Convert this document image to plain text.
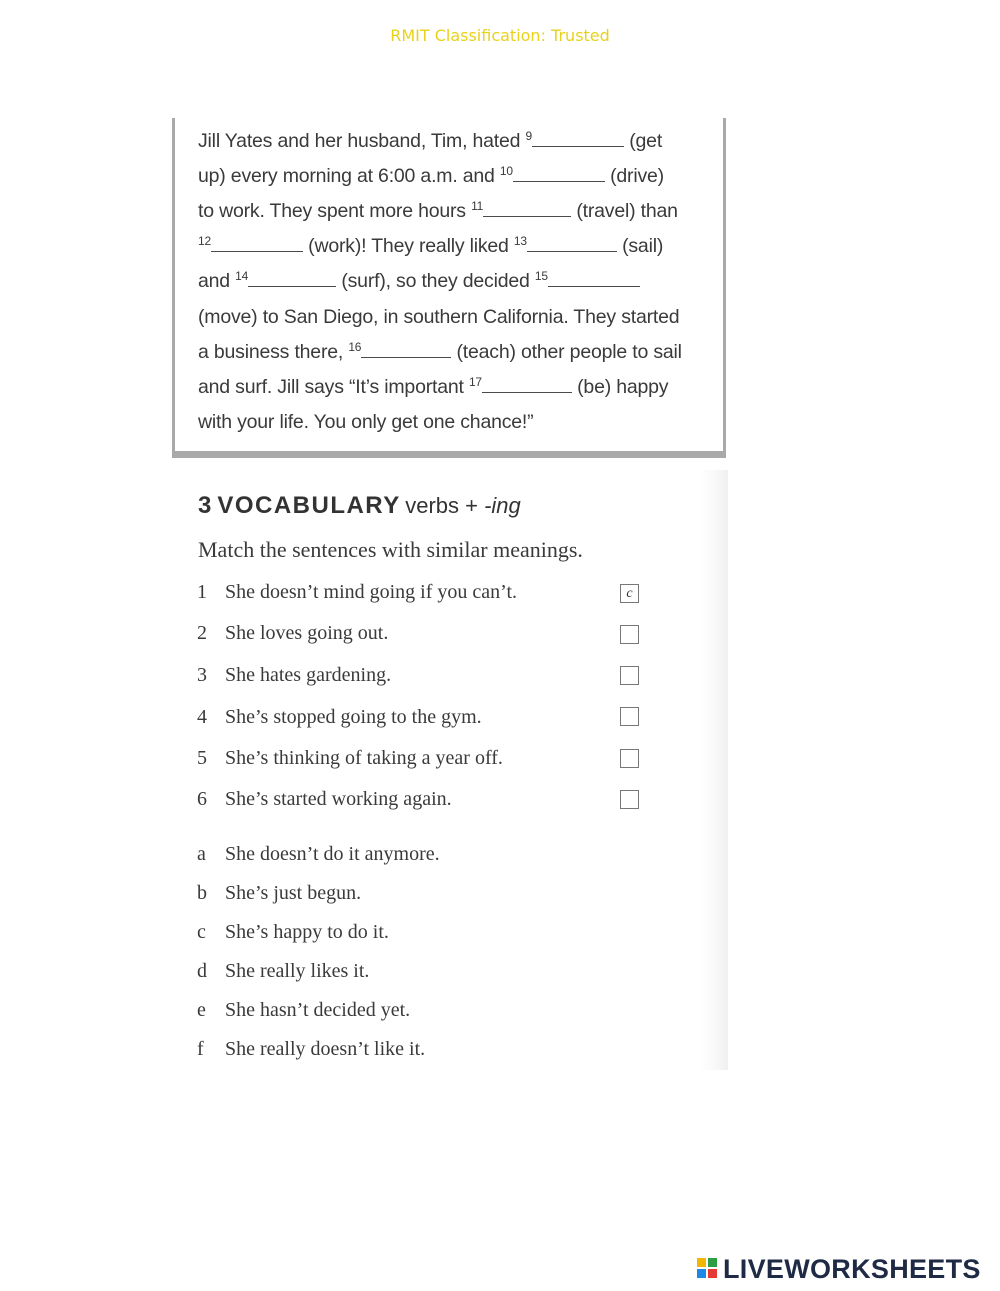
RMIT Classification: Trusted
Jill Yates and her husband, Tim, hated $^9$	(get
up) every morning at 6:00 a.m. and $^{10}$	(drive)
to work. They spent more hours $^{11}$	(travel) than
$^{12}$	(work)! They really liked $^{13}$	(sail)
and $^{14}$	(surf), so they decided $^{15}$
(move) to San Diego, in southern California. They started
a business there, $^{16}$	(teach) other people to sail
and surf. Jill says “It’s important $^{17}$	(be) happy
with your life. You only get one chance!”
3 VOCABULARY verbs + -ing
Match the sentences with similar meanings.
1 She doesn’t mind going if you can’t.	c
2 She loves going out.
3 She hates gardening.
4 She’s stopped going to the gym.
5 She’s thinking of taking a year off.
6 She’s started working again.
a She doesn’t do it anymore.
b She’s just begun.
c She’s happy to do it.
d She really likes it.
e She hasn’t decided yet.
f She really doesn’t like it.
LIVEWORKSHEETS
